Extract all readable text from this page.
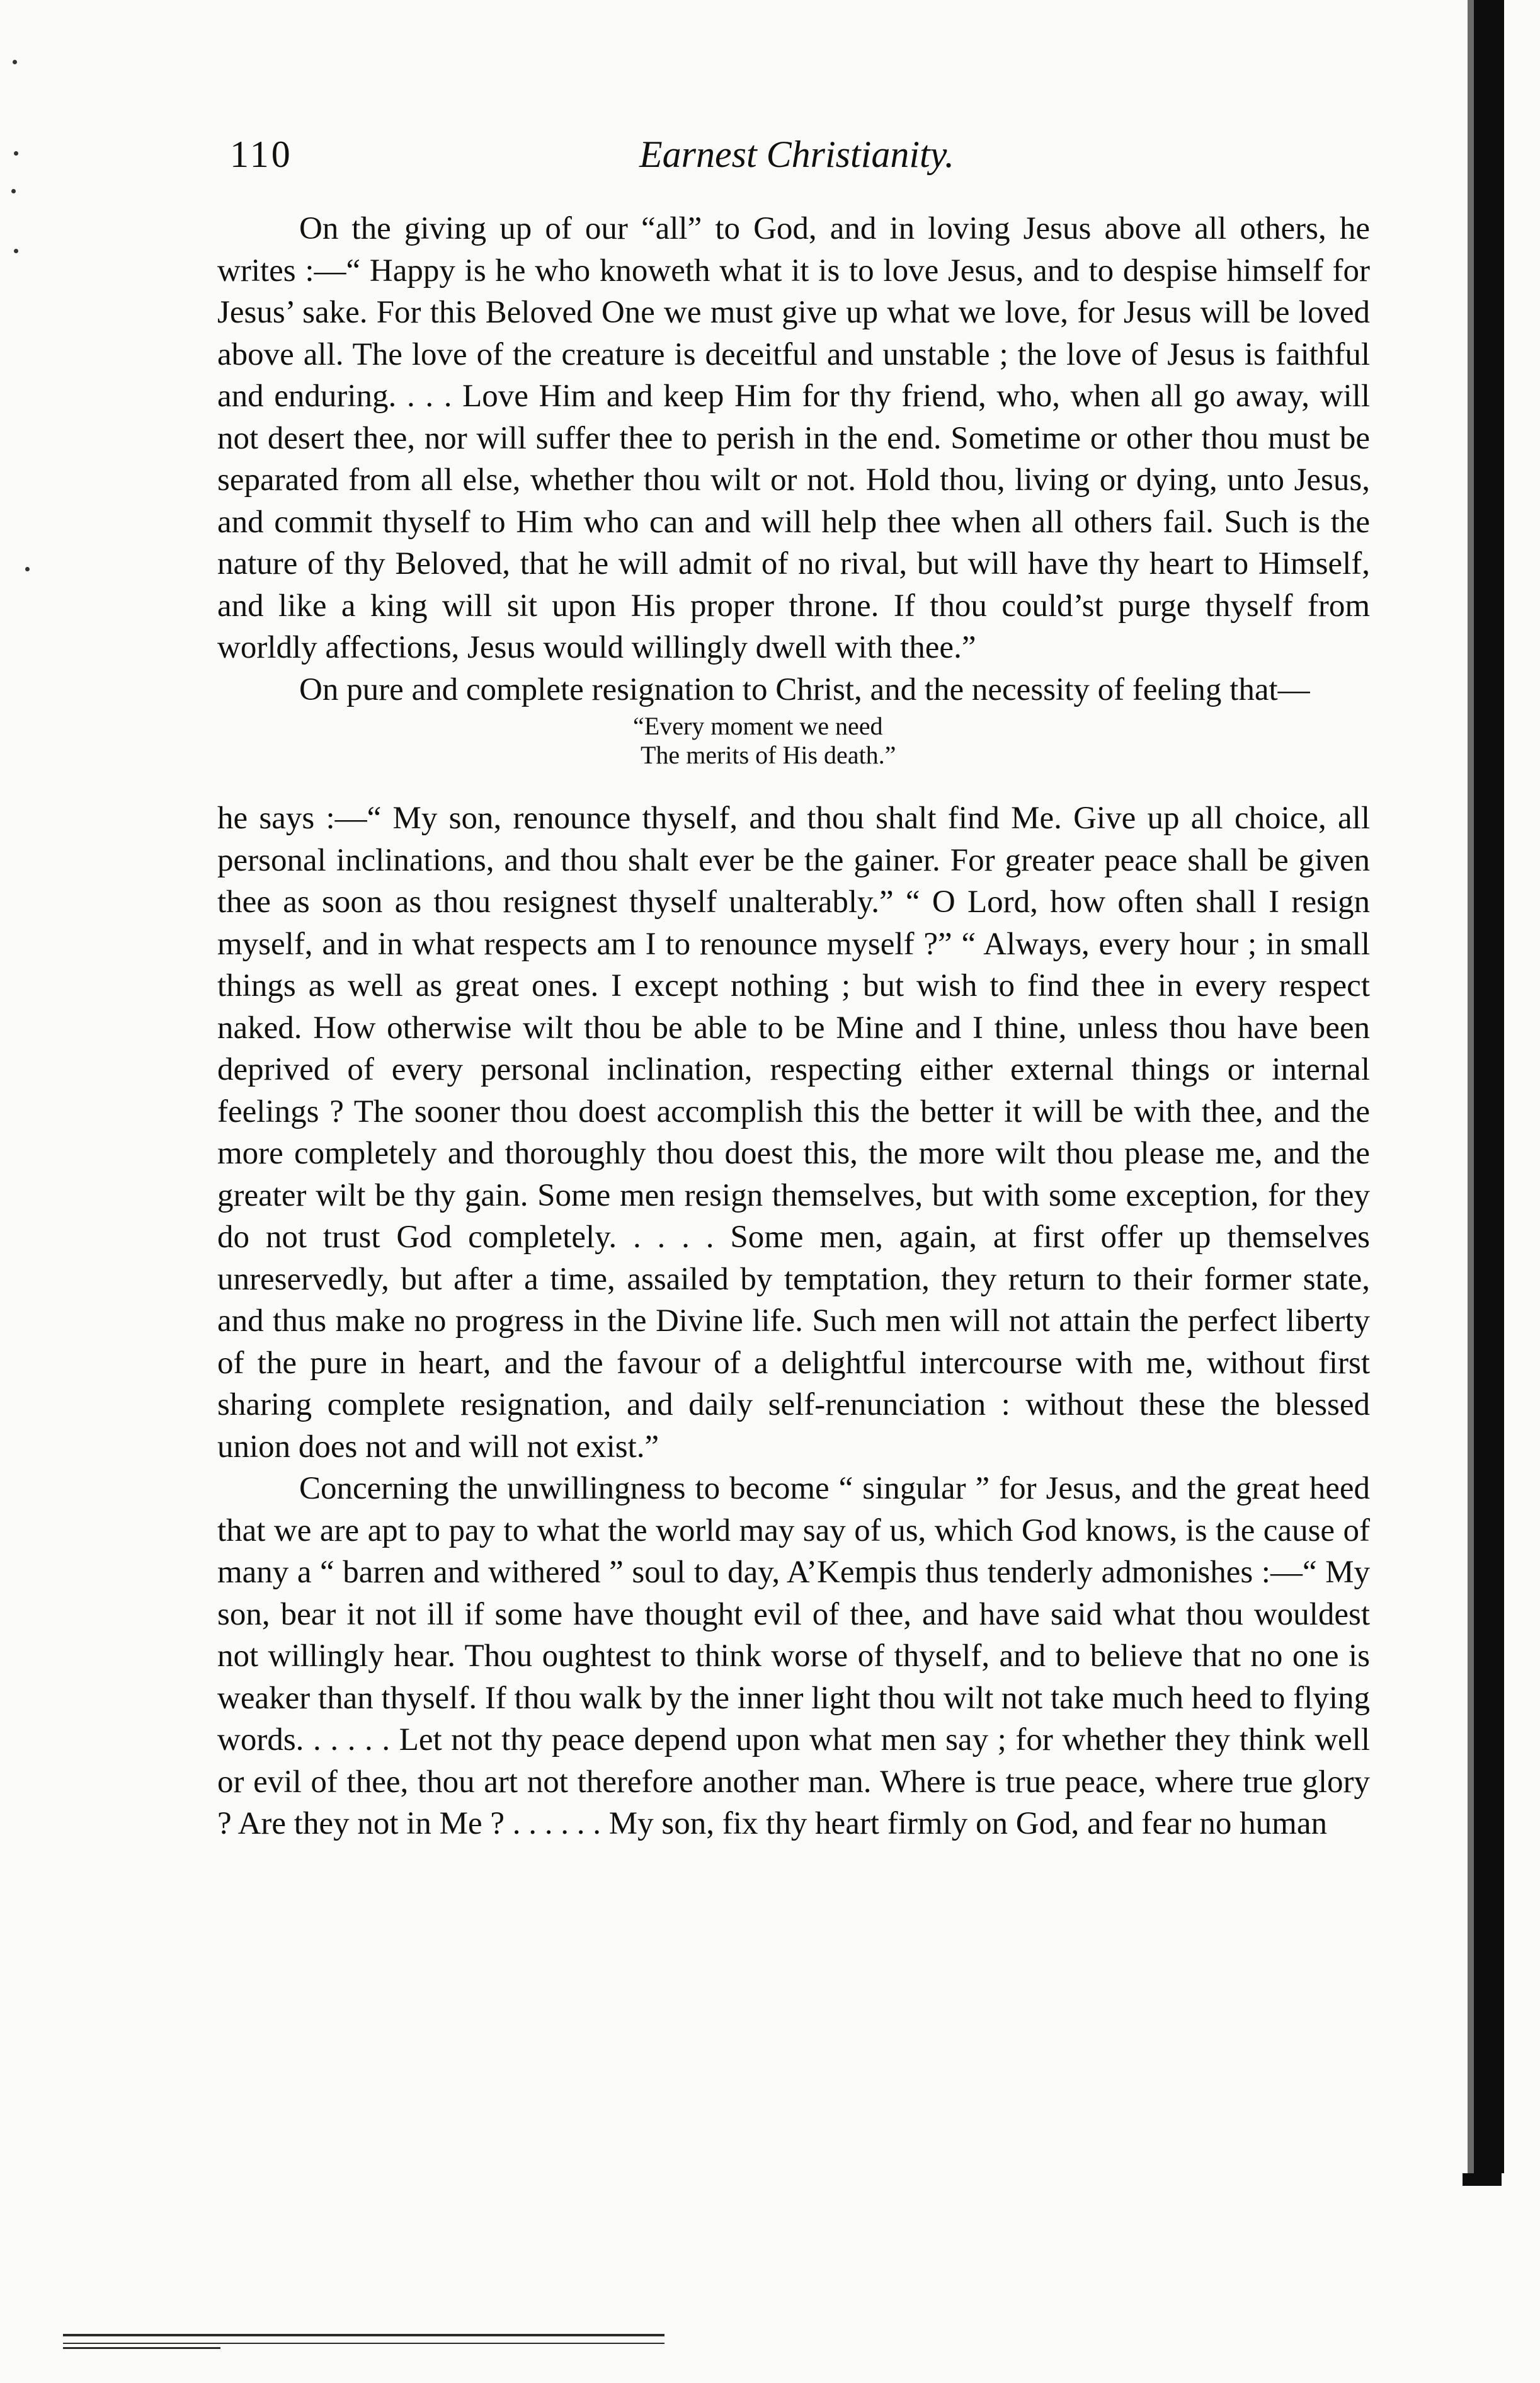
110	Earnest Christianity.

On the giving up of our “all” to God, and in loving Jesus above all others, he writes :—“ Happy is he who knoweth what it is to love Jesus, and to despise himself for Jesus’ sake. For this Beloved One we must give up what we love, for Jesus will be loved above all. The love of the creature is deceitful and unstable ; the love of Jesus is faithful and enduring. . . . Love Him and keep Him for thy friend, who, when all go away, will not desert thee, nor will suffer thee to perish in the end. Sometime or other thou must be separated from all else, whether thou wilt or not. Hold thou, living or dying, unto Jesus, and commit thyself to Him who can and will help thee when all others fail. Such is the nature of thy Beloved, that he will admit of no rival, but will have thy heart to Himself, and like a king will sit upon His proper throne. If thou could’st purge thyself from worldly affections, Jesus would willingly dwell with thee.”

On pure and complete resignation to Christ, and the necessity of feeling that—

“Every moment we need
The merits of His death.”

he says :—“ My son, renounce thyself, and thou shalt find Me. Give up all choice, all personal inclinations, and thou shalt ever be the gainer. For greater peace shall be given thee as soon as thou resignest thyself unalterably.” “ O Lord, how often shall I resign myself, and in what respects am I to renounce myself ?” “ Always, every hour ; in small things as well as great ones. I except nothing ; but wish to find thee in every respect naked. How otherwise wilt thou be able to be Mine and I thine, unless thou have been deprived of every personal inclination, respecting either external things or internal feelings ? The sooner thou doest accomplish this the better it will be with thee, and the more completely and thoroughly thou doest this, the more wilt thou please me, and the greater wilt be thy gain. Some men resign themselves, but with some exception, for they do not trust God completely. . . . . Some men, again, at first offer up themselves unreservedly, but after a time, assailed by temptation, they return to their former state, and thus make no progress in the Divine life. Such men will not attain the perfect liberty of the pure in heart, and the favour of a delightful intercourse with me, without first sharing complete resignation, and daily self-renunciation : without these the blessed union does not and will not exist.”

Concerning the unwillingness to become “ singular ” for Jesus, and the great heed that we are apt to pay to what the world may say of us, which God knows, is the cause of many a “ barren and withered ” soul to day, A’Kempis thus tenderly admonishes :—“ My son, bear it not ill if some have thought evil of thee, and have said what thou wouldest not willingly hear. Thou oughtest to think worse of thyself, and to believe that no one is weaker than thyself. If thou walk by the inner light thou wilt not take much heed to flying words. . . . . . Let not thy peace depend upon what men say ; for whether they think well or evil of thee, thou art not therefore another man. Where is true peace, where true glory ? Are they not in Me ? . . . . . . My son, fix thy heart firmly on God, and fear no human
